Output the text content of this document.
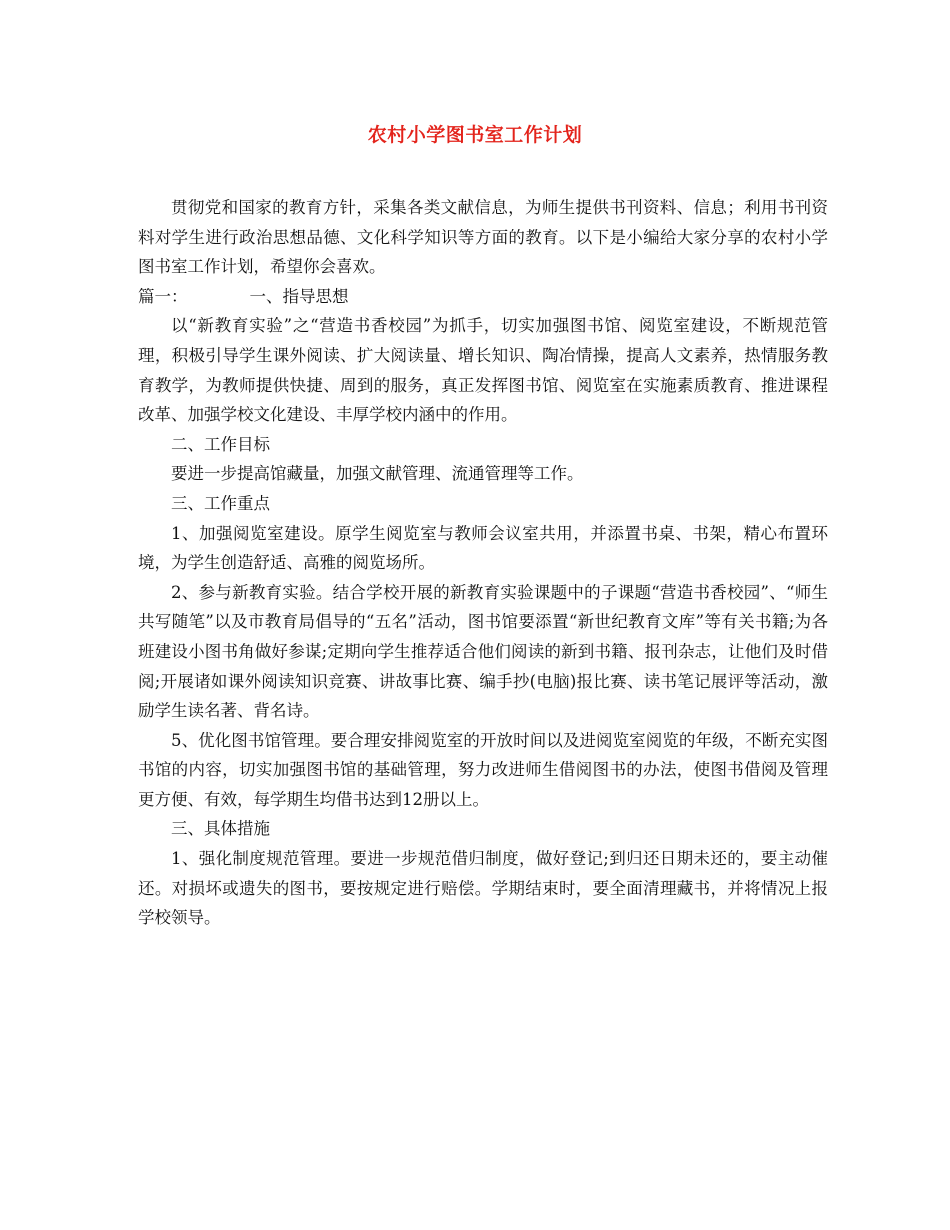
农村小学图书室工作计划

贯彻党和国家的教育方针，采集各类文献信息，为师生提供书刊资料、信息；利用书刊资料对学生进行政治思想品德、文化科学知识等方面的教育。以下是小编给大家分享的农村小学图书室工作计划，希望你会喜欢。

篇一：	一、指导思想

以“新教育实验”之“营造书香校园”为抓手，切实加强图书馆、阅览室建设，不断规范管理，积极引导学生课外阅读、扩大阅读量、增长知识、陶冶情操，提高人文素养，热情服务教育教学，为教师提供快捷、周到的服务，真正发挥图书馆、阅览室在实施素质教育、推进课程改革、加强学校文化建设、丰厚学校内涵中的作用。

二、工作目标

要进一步提高馆藏量，加强文献管理、流通管理等工作。

三、工作重点

1、加强阅览室建设。原学生阅览室与教师会议室共用，并添置书桌、书架，精心布置环境，为学生创造舒适、高雅的阅览场所。

2、参与新教育实验。结合学校开展的新教育实验课题中的子课题“营造书香校园”、“师生共写随笔”以及市教育局倡导的“五名”活动，图书馆要添置“新世纪教育文库”等有关书籍;为各班建设小图书角做好参谋;定期向学生推荐适合他们阅读的新到书籍、报刊杂志，让他们及时借阅;开展诸如课外阅读知识竞赛、讲故事比赛、编手抄(电脑)报比赛、读书笔记展评等活动，激励学生读名著、背名诗。

5、优化图书馆管理。要合理安排阅览室的开放时间以及进阅览室阅览的年级，不断充实图书馆的内容，切实加强图书馆的基础管理，努力改进师生借阅图书的办法，使图书借阅及管理更方便、有效，每学期生均借书达到12册以上。

三、具体措施

1、强化制度规范管理。要进一步规范借归制度，做好登记;到归还日期未还的，要主动催还。对损坏或遗失的图书，要按规定进行赔偿。学期结束时，要全面清理藏书，并将情况上报学校领导。
